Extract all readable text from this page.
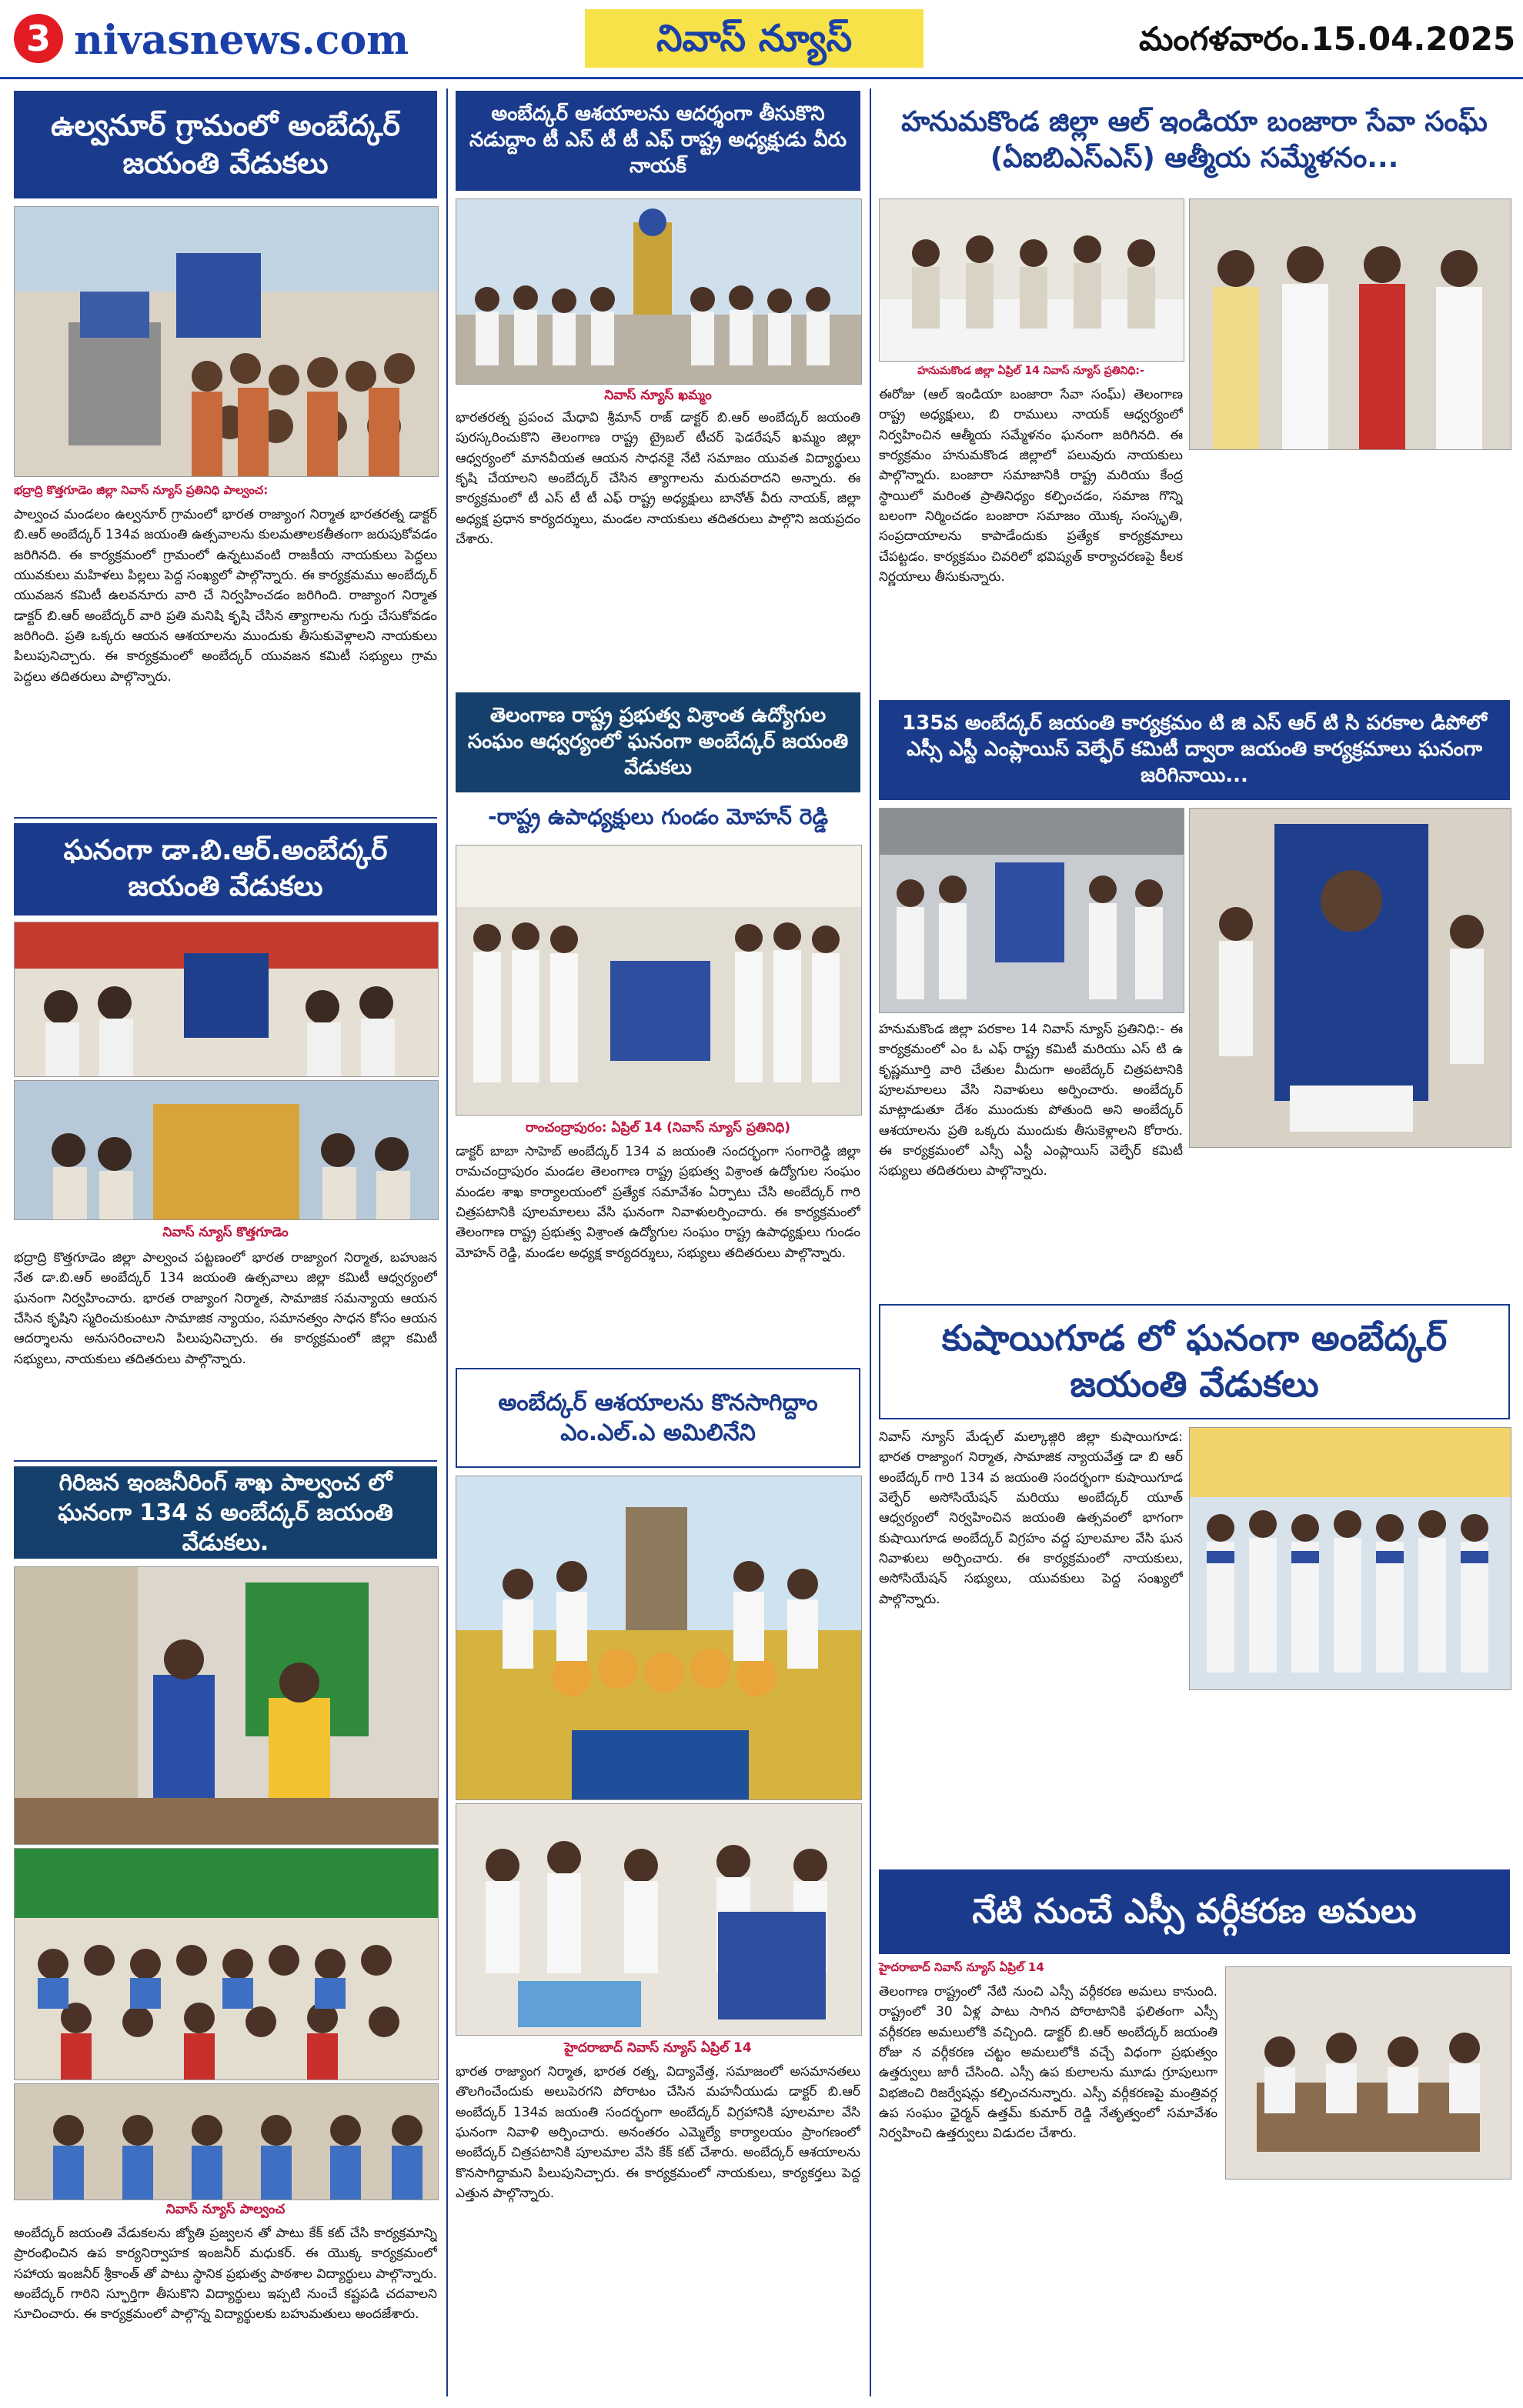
3 nivasnews.com	నివాస్ న్యూస్	మంగళవారం.15.04.2025
ఉల్వనూర్ గ్రామంలో అంబేద్కర్ జయంతి వేడుకలు
భద్రాద్రి కొత్తగూడెం జిల్లా నివాస్ న్యూస్ ప్రతినిధి పాల్వంచ:
పాల్వంచ మండలం ఉల్వనూర్ గ్రామంలో భారత రాజ్యాంగ నిర్మాత భారతరత్న డాక్టర్ బి.ఆర్ అంబేద్కర్ 134వ జయంతి ఉత్సవాలను కులమతాలకతీతంగా జరుపుకోవడం జరిగినది. ఈ కార్యక్రమంలో గ్రామంలో ఉన్నటువంటి రాజకీయ నాయకులు పెద్దలు యువకులు మహిళలు పిల్లలు పెద్ద సంఖ్యలో పాల్గొన్నారు. ఈ కార్యక్రమము అంబేద్కర్ యువజన కమిటీ ఉలవనూరు వారి చే నిర్వహించడం జరిగింది. రాజ్యాంగ నిర్మాత డాక్టర్ బి.ఆర్ అంబేద్కర్ వారి ప్రతి మనిషి కృషి చేసిన త్యాగాలను గుర్తు చేసుకోవడం జరిగింది. ప్రతి ఒక్కరు ఆయన ఆశయాలను ముందుకు తీసుకువెళ్లాలని నాయకులు పిలుపునిచ్చారు. ఈ కార్యక్రమంలో అంబేద్కర్ యువజన కమిటీ సభ్యులు గ్రామ పెద్దలు తదితరులు పాల్గొన్నారు.
ఘనంగా డా.బి.ఆర్.అంబేద్కర్ జయంతి వేడుకలు
నివాస్ న్యూస్ కొత్తగూడెం
భద్రాద్రి కొత్తగూడెం జిల్లా పాల్వంచ పట్టణంలో భారత రాజ్యాంగ నిర్మాత, బహుజన నేత డా.బి.ఆర్ అంబేద్కర్ 134 జయంతి ఉత్సవాలు జిల్లా కమిటీ ఆధ్వర్యంలో ఘనంగా నిర్వహించారు. భారత రాజ్యాంగ నిర్మాత, సామాజిక సమన్యాయ ఆయన చేసిన కృషిని స్మరించుకుంటూ సామాజిక న్యాయం, సమానత్వం సాధన కోసం ఆయన ఆదర్శాలను అనుసరించాలని పిలుపునిచ్చారు. ఈ కార్యక్రమంలో జిల్లా కమిటీ సభ్యులు, నాయకులు తదితరులు పాల్గొన్నారు.
గిరిజన ఇంజనీరింగ్ శాఖ పాల్వంచ లో ఘనంగా 134 వ అంబేద్కర్ జయంతి వేడుకలు.
నివాస్ న్యూస్ పాల్వంచ
అంబేద్కర్ జయంతి వేడుకలను జ్యోతి ప్రజ్వలన తో పాటు కేక్ కట్ చేసి కార్యక్రమాన్ని ప్రారంభించిన ఉప కార్యనిర్వాహక ఇంజనీర్ మధుకర్. ఈ యొక్క కార్యక్రమంలో సహాయ ఇంజనీర్ శ్రీకాంత్ తో పాటు స్థానిక ప్రభుత్వ పాఠశాల విద్యార్థులు పాల్గొన్నారు. అంబేద్కర్ గారిని స్ఫూర్తిగా తీసుకొని విద్యార్థులు ఇప్పటి నుంచే కష్టపడి చదవాలని సూచించారు. ఈ కార్యక్రమంలో పాల్గొన్న విద్యార్థులకు బహుమతులు అందజేశారు.
అంబేద్కర్ ఆశయాలను ఆదర్శంగా తీసుకొని నడుద్దాం టీ ఎస్ టీ టీ ఎఫ్ రాష్ట్ర అధ్యక్షుడు వీరు నాయక్
నివాస్ న్యూస్ ఖమ్మం
భారతరత్న ప్రపంచ మేధావి శ్రీమాన్ రాజ్ డాక్టర్ బి.ఆర్ అంబేద్కర్ జయంతి పురస్కరించుకొని తెలంగాణ రాష్ట్ర ట్రైబల్ టీచర్ ఫెడరేషన్ ఖమ్మం జిల్లా ఆధ్వర్యంలో మానవీయత ఆయన సాధనకై నేటి సమాజం యువత విద్యార్థులు కృషి చేయాలని అంబేద్కర్ చేసిన త్యాగాలను మరువరాదని అన్నారు. ఈ కార్యక్రమంలో టీ ఎస్ టీ టీ ఎఫ్ రాష్ట్ర అధ్యక్షులు బానోత్ వీరు నాయక్, జిల్లా అధ్యక్ష ప్రధాన కార్యదర్శులు, మండల నాయకులు తదితరులు పాల్గొని జయప్రదం చేశారు.
తెలంగాణ రాష్ట్ర ప్రభుత్వ విశ్రాంత ఉద్యోగుల సంఘం ఆధ్వర్యంలో ఘనంగా అంబేద్కర్ జయంతి వేడుకలు
-రాష్ట్ర ఉపాధ్యక్షులు గుండం మోహన్ రెడ్డి
రాంచంద్రాపురం: ఏప్రిల్ 14 (నివాస్ న్యూస్ ప్రతినిధి)
డాక్టర్ బాబా సాహెబ్ అంబేద్కర్ 134 వ జయంతి సందర్భంగా సంగారెడ్డి జిల్లా రామచంద్రాపురం మండల తెలంగాణ రాష్ట్ర ప్రభుత్వ విశ్రాంత ఉద్యోగుల సంఘం మండల శాఖ కార్యాలయంలో ప్రత్యేక సమావేశం ఏర్పాటు చేసి అంబేద్కర్ గారి చిత్రపటానికి పూలమాలలు వేసి ఘనంగా నివాళులర్పించారు. ఈ కార్యక్రమంలో తెలంగాణ రాష్ట్ర ప్రభుత్వ విశ్రాంత ఉద్యోగుల సంఘం రాష్ట్ర ఉపాధ్యక్షులు గుండం మోహన్ రెడ్డి, మండల అధ్యక్ష కార్యదర్శులు, సభ్యులు తదితరులు పాల్గొన్నారు.
అంబేద్కర్ ఆశయాలను కొనసాగిద్దాం ఎం.ఎల్.ఎ అమిలినేని
హైదరాబాద్ నివాస్ న్యూస్ ఏప్రిల్ 14
భారత రాజ్యాంగ నిర్మాత, భారత రత్న, విద్యావేత్త, సమాజంలో అసమానతలు తొలగించేందుకు అలుపెరగని పోరాటం చేసిన మహనీయుడు డాక్టర్ బి.ఆర్ అంబేద్కర్ 134వ జయంతి సందర్భంగా అంబేద్కర్ విగ్రహానికి పూలమాల వేసి ఘనంగా నివాళి అర్పించారు. అనంతరం ఎమ్మెల్యే కార్యాలయం ప్రాంగణంలో అంబేద్కర్ చిత్రపటానికి పూలమాల వేసి కేక్ కట్ చేశారు. అంబేద్కర్ ఆశయాలను కొనసాగిద్దామని పిలుపునిచ్చారు. ఈ కార్యక్రమంలో నాయకులు, కార్యకర్తలు పెద్ద ఎత్తున పాల్గొన్నారు.
హనుమకొండ జిల్లా ఆల్ ఇండియా బంజారా సేవా సంఘ్ (ఏఐబిఎస్ఎస్) ఆత్మీయ సమ్మేళనం...
హనుమకొండ జిల్లా ఏప్రిల్ 14 నివాస్ న్యూస్ ప్రతినిధి:-
ఈరోజు (ఆల్ ఇండియా బంజారా సేవా సంఘ్) తెలంగాణ రాష్ట్ర అధ్యక్షులు, బి రాములు నాయక్ ఆధ్వర్యంలో నిర్వహించిన ఆత్మీయ సమ్మేళనం ఘనంగా జరిగినది. ఈ కార్యక్రమం హనుమకొండ జిల్లాలో పలువురు నాయకులు పాల్గొన్నారు. బంజారా సమాజానికి రాష్ట్ర మరియు కేంద్ర స్థాయిలో మరింత ప్రాతినిధ్యం కల్పించడం, సమాజ గొన్ని బలంగా నిర్మించడం బంజారా సమాజం యొక్క సంస్కృతి, సంప్రదాయాలను కాపాడేందుకు ప్రత్యేక కార్యక్రమాలు చేపట్టడం. కార్యక్రమం చివరిలో భవిష్యత్ కార్యాచరణపై కీలక నిర్ణయాలు తీసుకున్నారు.
135వ అంబేద్కర్ జయంతి కార్యక్రమం టి జి ఎస్ ఆర్ టి సి పరకాల డిపోలో ఎస్సీ ఎస్టీ ఎంప్లాయిస్ వెల్ఫేర్ కమిటీ ద్వారా జయంతి కార్యక్రమాలు ఘనంగా జరిగినాయి...
హనుమకొండ జిల్లా పరకాల 14 నివాస్ న్యూస్ ప్రతినిధి:- ఈ కార్యక్రమంలో ఎం ఓ ఎఫ్ రాష్ట్ర కమిటీ మరియు ఎస్ టి ఉ కృష్ణమూర్తి వారి చేతుల మీదుగా అంబేద్కర్ చిత్రపటానికి పూలమాలలు వేసి నివాళులు అర్పించారు. అంబేద్కర్ మాట్లాడుతూ దేశం ముందుకు పోతుంది అని అంబేద్కర్ ఆశయాలను ప్రతి ఒక్కరు ముందుకు తీసుకెళ్లాలని కోరారు. ఈ కార్యక్రమంలో ఎస్సీ ఎస్టీ ఎంప్లాయిస్ వెల్ఫేర్ కమిటీ సభ్యులు తదితరులు పాల్గొన్నారు.
కుషాయిగూడ లో ఘనంగా అంబేద్కర్ జయంతి వేడుకలు
నివాస్ న్యూస్ మేడ్చల్ మల్కాజ్గిరి జిల్లా కుషాయిగూడ: భారత రాజ్యాంగ నిర్మాత, సామాజిక న్యాయవేత్త డా బి ఆర్ అంబేద్కర్ గారి 134 వ జయంతి సందర్భంగా కుషాయిగూడ వెల్ఫేర్ అసోసియేషన్ మరియు అంబేద్కర్ యూత్ ఆధ్వర్యంలో నిర్వహించిన జయంతి ఉత్సవంలో భాగంగా కుషాయిగూడ అంబేద్కర్ విగ్రహం వద్ద పూలమాల వేసి ఘన నివాళులు అర్పించారు. ఈ కార్యక్రమంలో నాయకులు, అసోసియేషన్ సభ్యులు, యువకులు పెద్ద సంఖ్యలో పాల్గొన్నారు.
నేటి నుంచే ఎస్సీ వర్గీకరణ అమలు
హైదరాబాద్ నివాస్ న్యూస్ ఏప్రిల్ 14
తెలంగాణ రాష్ట్రంలో నేటి నుంచి ఎస్సీ వర్గీకరణ అమలు కానుంది. రాష్ట్రంలో 30 ఏళ్ల పాటు సాగిన పోరాటానికి ఫలితంగా ఎస్సీ వర్గీకరణ అమలులోకి వచ్చింది. డాక్టర్ బి.ఆర్ అంబేద్కర్ జయంతి రోజు న వర్గీకరణ చట్టం అమలులోకి వచ్చే విధంగా ప్రభుత్వం ఉత్తర్వులు జారీ చేసింది. ఎస్సీ ఉప కులాలను మూడు గ్రూపులుగా విభజించి రిజర్వేషన్లు కల్పించనున్నారు. ఎస్సీ వర్గీకరణపై మంత్రివర్గ ఉప సంఘం ఛైర్మన్ ఉత్తమ్ కుమార్ రెడ్డి నేతృత్వంలో సమావేశం నిర్వహించి ఉత్తర్వులు విడుదల చేశారు.
